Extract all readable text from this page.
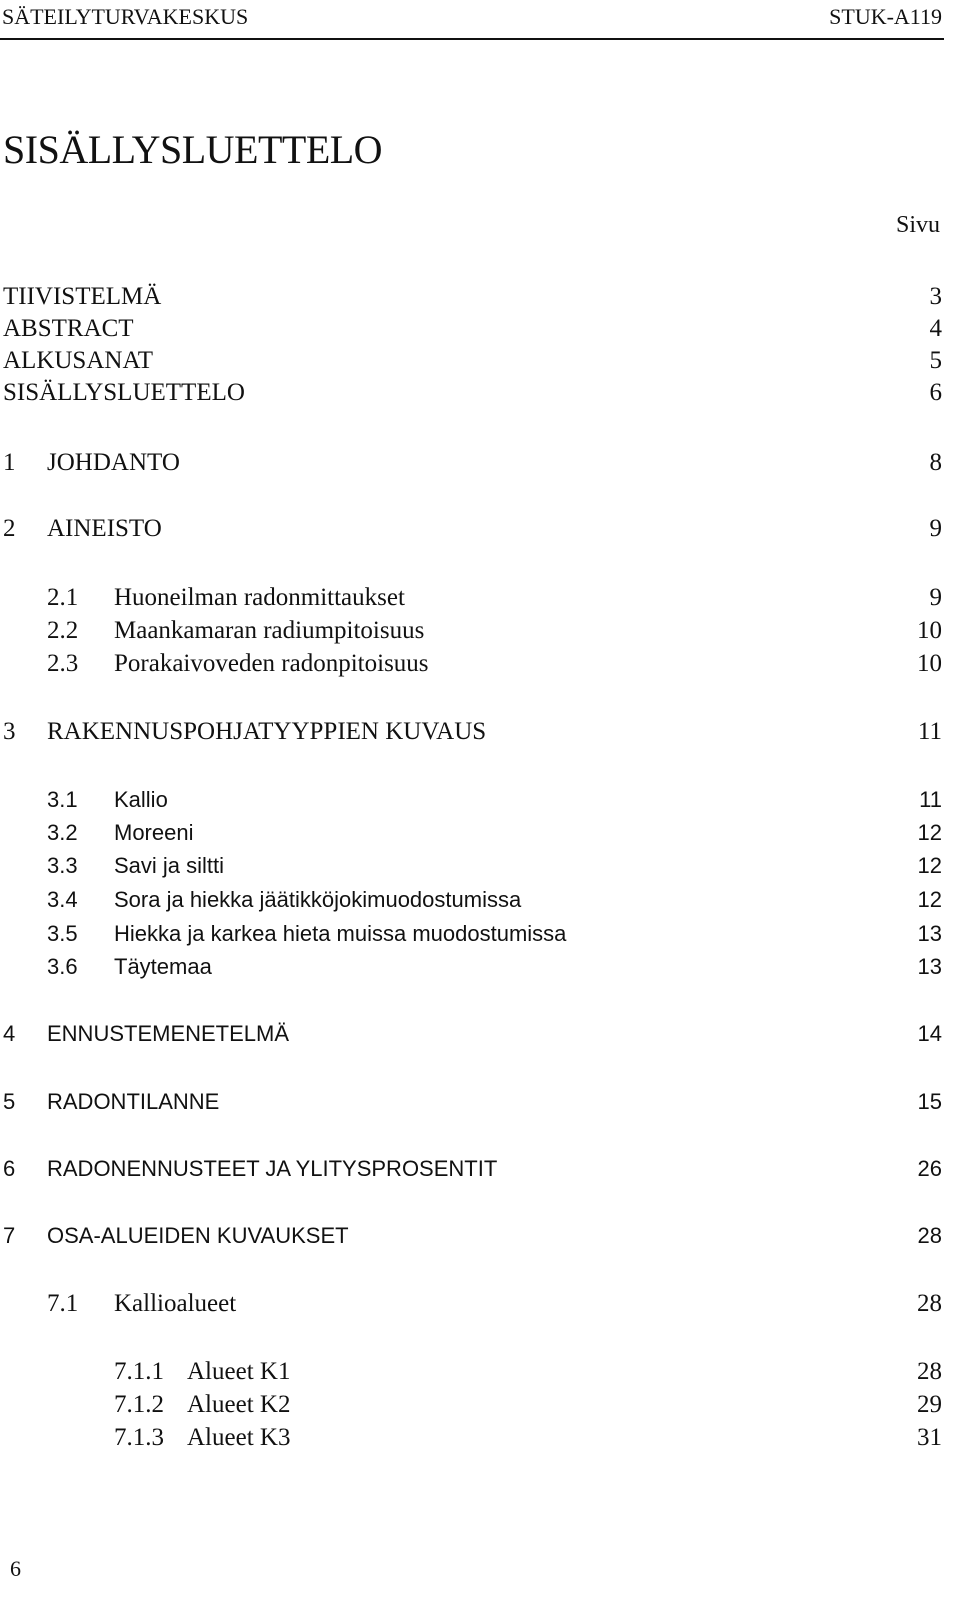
SÄTEILYTURVAKESKUS	STUK-A119
SISÄLLYSLUETTELO
Sivu
TIIVISTELMÄ	3
ABSTRACT	4
ALKUSANAT	5
SISÄLLYSLUETTELO	6
1 JOHDANTO	8
2 AINEISTO	9
2.1 Huoneilman radonmittaukset	9
2.2 Maankamaran radiumpitoisuus	10
2.3 Porakaivoveden radonpitoisuus	10
3 RAKENNUSPOHJATYYPPIEN KUVAUS	11
3.1 Kallio	11
3.2 Moreeni	12
3.3 Savi ja siltti	12
3.4 Sora ja hiekka jäätikköjokimuodostumissa	12
3.5 Hiekka ja karkea hieta muissa muodostumissa	13
3.6 Täytemaa	13
4 ENNUSTEMENETELMÄ	14
5 RADONTILANNE	15
6 RADONENNUSTEET JA YLITYSPROSENTIT	26
7 OSA-ALUEIDEN KUVAUKSET	28
7.1 Kallioalueet	28
7.1.1 Alueet K1	28
7.1.2 Alueet K2	29
7.1.3 Alueet K3	31
6
